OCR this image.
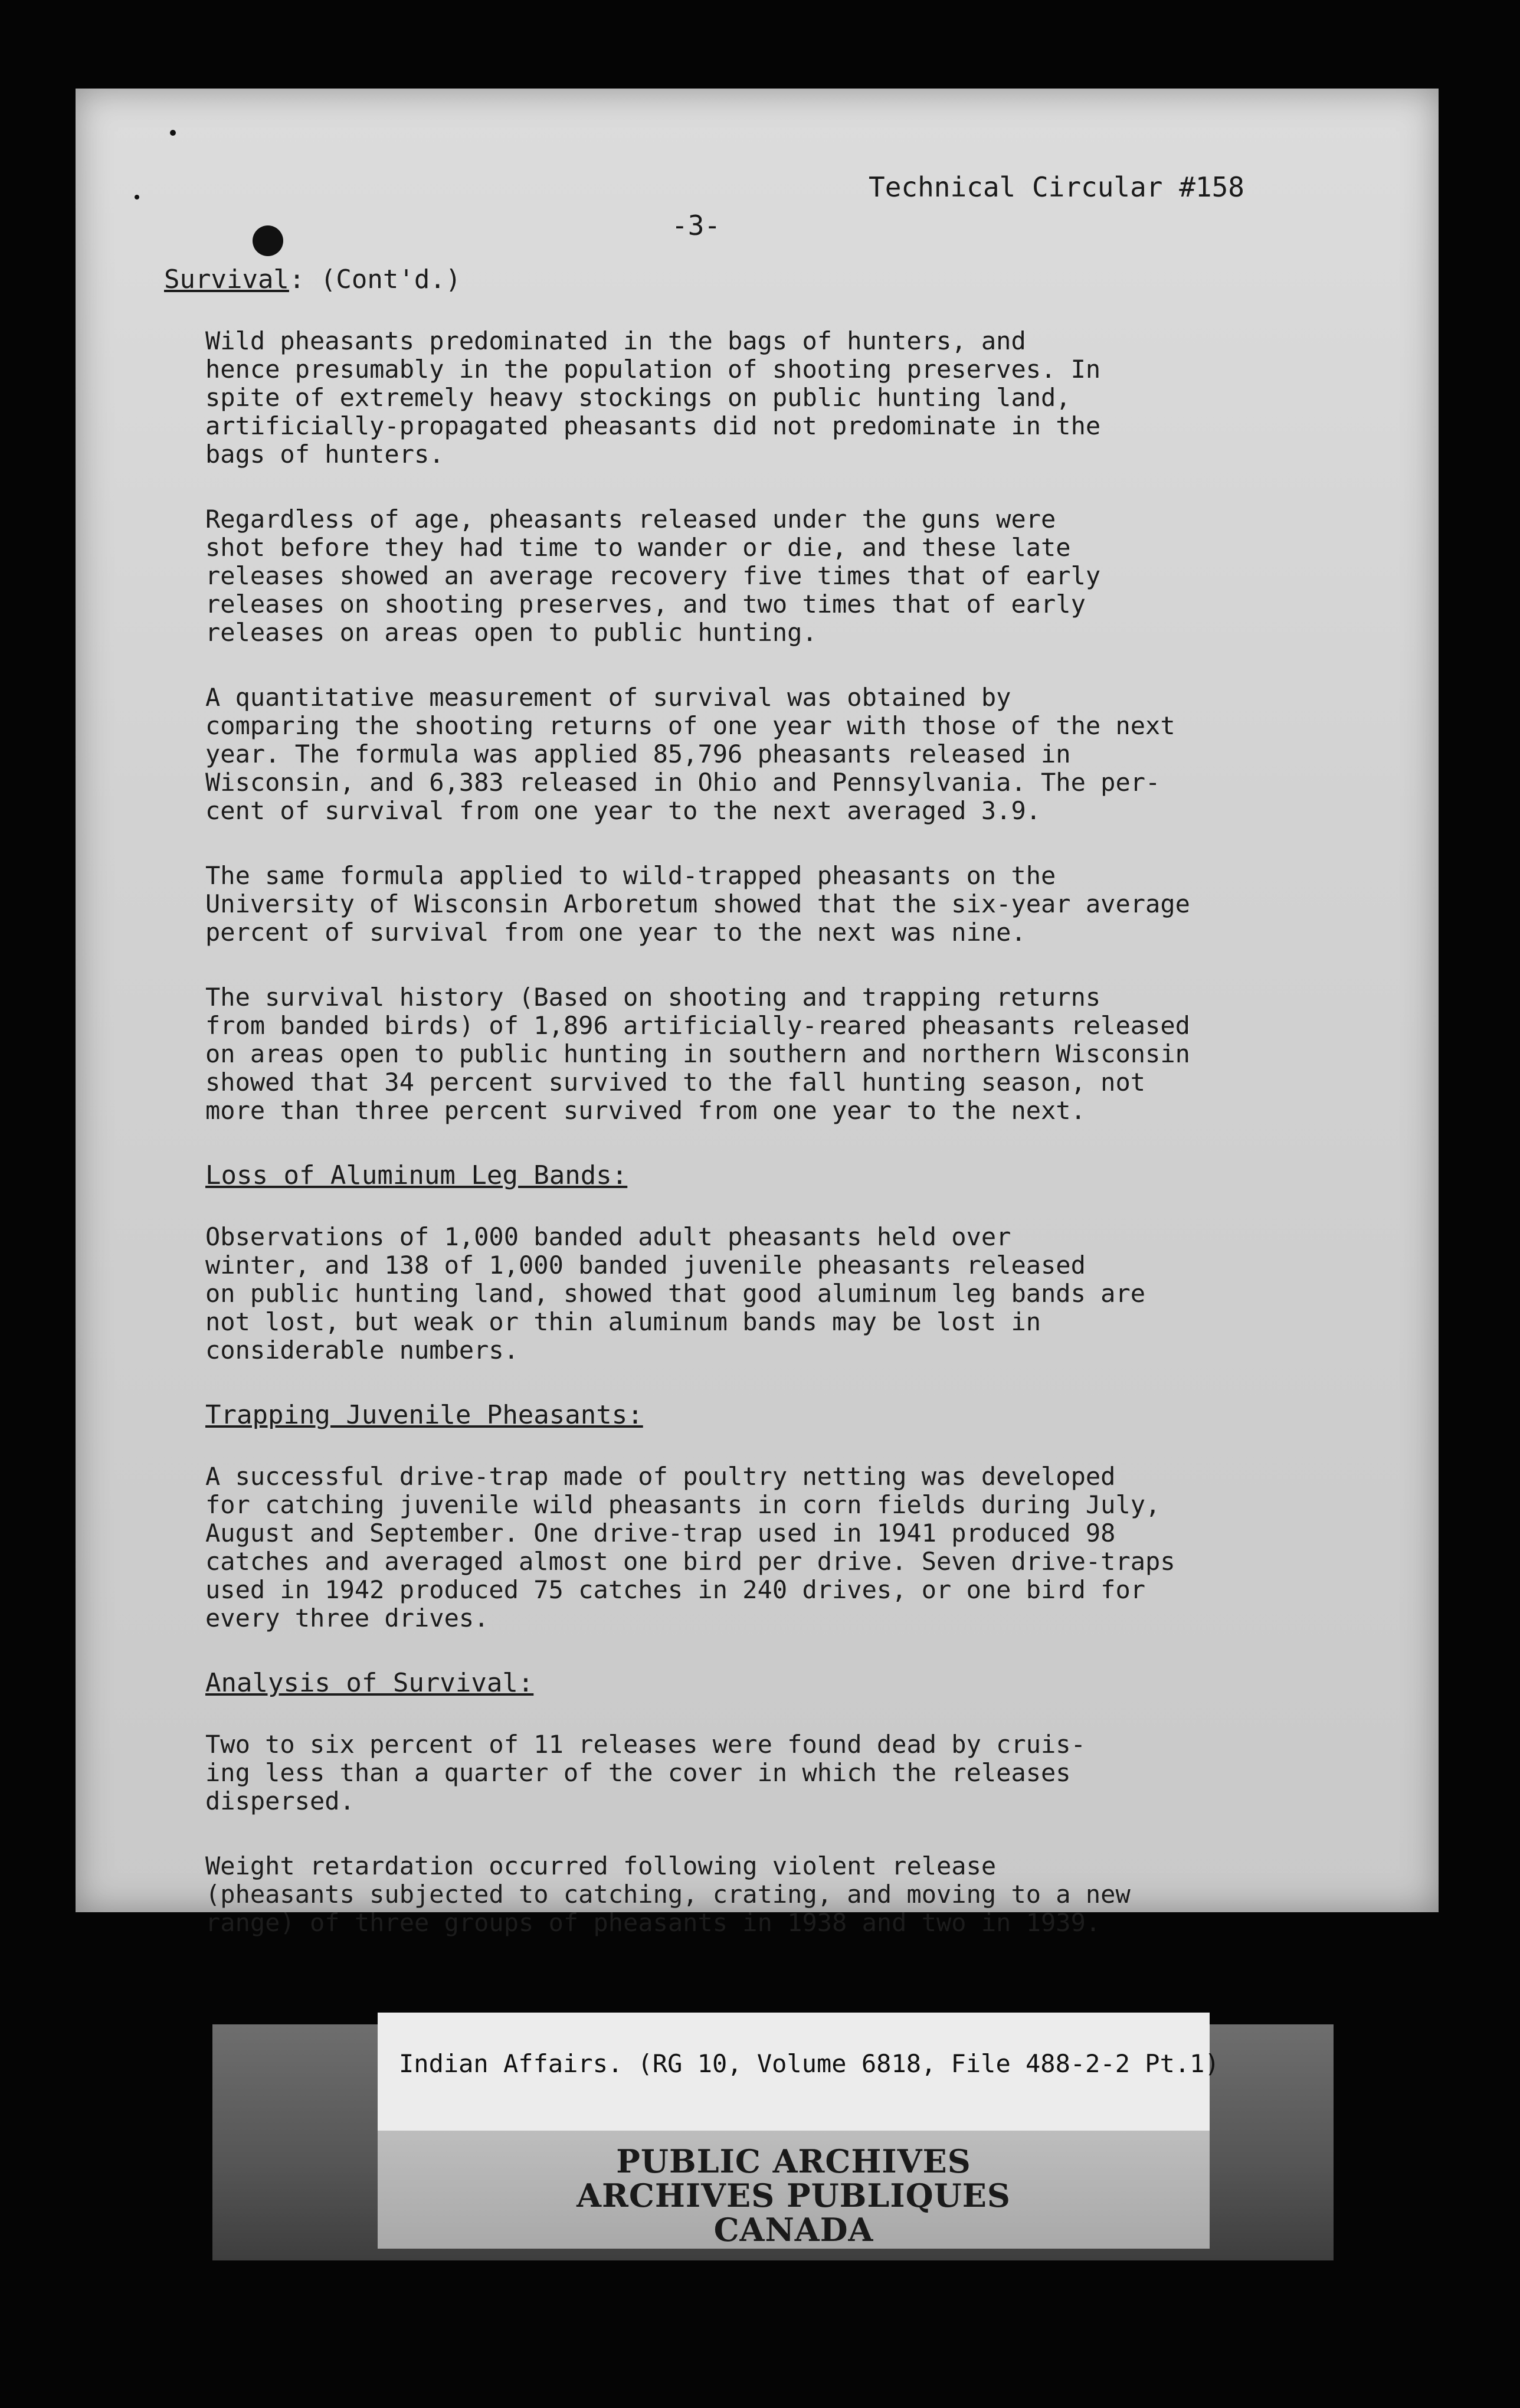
Technical Circular #158
-3-
Survival: (Cont'd.)
Wild pheasants predominated in the bags of hunters, and
hence presumably in the population of shooting preserves. In
spite of extremely heavy stockings on public hunting land,
artificially-propagated pheasants did not predominate in the
bags of hunters.
Regardless of age, pheasants released under the guns were
shot before they had time to wander or die, and these late
releases showed an average recovery five times that of early
releases on shooting preserves, and two times that of early
releases on areas open to public hunting.
A quantitative measurement of survival was obtained by
comparing the shooting returns of one year with those of the next
year. The formula was applied 85,796 pheasants released in
Wisconsin, and 6,383 released in Ohio and Pennsylvania. The per-
cent of survival from one year to the next averaged 3.9.
The same formula applied to wild-trapped pheasants on the
University of Wisconsin Arboretum showed that the six-year average
percent of survival from one year to the next was nine.
The survival history (Based on shooting and trapping returns
from banded birds) of 1,896 artificially-reared pheasants released
on areas open to public hunting in southern and northern Wisconsin
showed that 34 percent survived to the fall hunting season, not
more than three percent survived from one year to the next.
Loss of Aluminum Leg Bands:
Observations of 1,000 banded adult pheasants held over
winter, and 138 of 1,000 banded juvenile pheasants released
on public hunting land, showed that good aluminum leg bands are
not lost, but weak or thin aluminum bands may be lost in
considerable numbers.
Trapping Juvenile Pheasants:
A successful drive-trap made of poultry netting was developed
for catching juvenile wild pheasants in corn fields during July,
August and September. One drive-trap used in 1941 produced 98
catches and averaged almost one bird per drive. Seven drive-traps
used in 1942 produced 75 catches in 240 drives, or one bird for
every three drives.
Analysis of Survival:
Two to six percent of 11 releases were found dead by cruis-
ing less than a quarter of the cover in which the releases
dispersed.
Weight retardation occurred following violent release
(pheasants subjected to catching, crating, and moving to a new
range) of three groups of pheasants in 1938 and two in 1939.
Indian Affairs. (RG 10, Volume 6818, File 488-2-2 Pt.1)
PUBLIC ARCHIVES
ARCHIVES PUBLIQUES
CANADA
